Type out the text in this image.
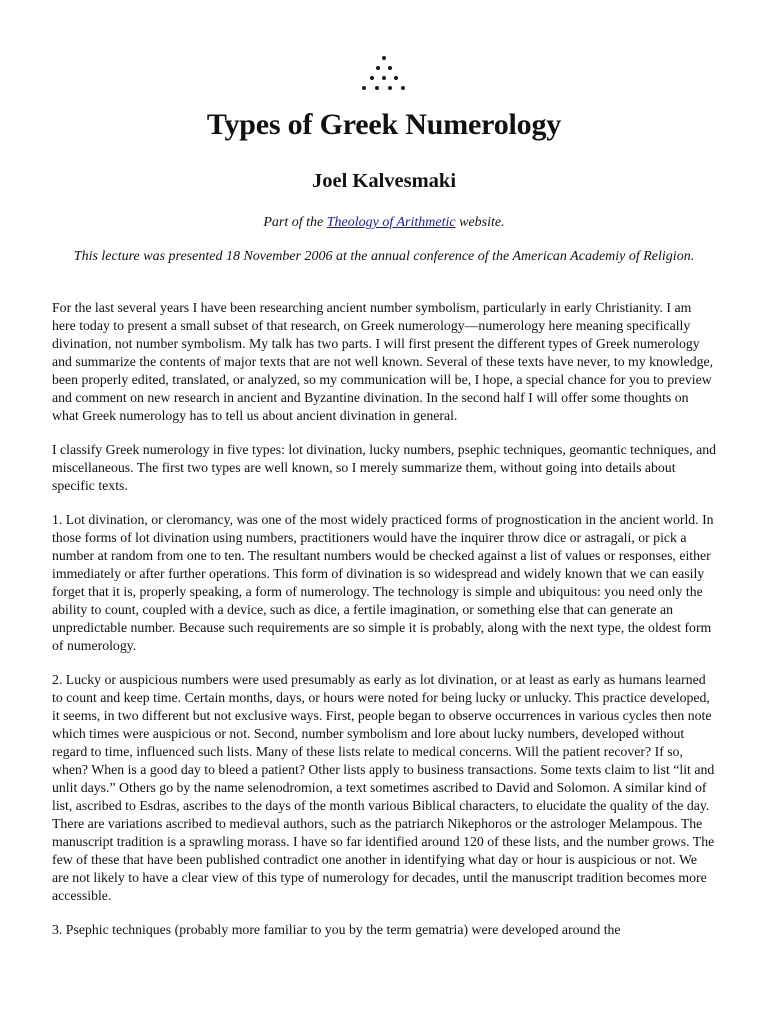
Types of Greek Numerology
Joel Kalvesmaki

Part of the Theology of Arithmetic website.

This lecture was presented 18 November 2006 at the annual conference of the American Academiy of Religion.

For the last several years I have been researching ancient number symbolism, particularly in early Christianity. I am here today to present a small subset of that research, on Greek numerology—numerology here meaning specifically divination, not number symbolism. My talk has two parts. I will first present the different types of Greek numerology and summarize the contents of major texts that are not well known. Several of these texts have never, to my knowledge, been properly edited, translated, or analyzed, so my communication will be, I hope, a special chance for you to preview and comment on new research in ancient and Byzantine divination. In the second half I will offer some thoughts on what Greek numerology has to tell us about ancient divination in general.

I classify Greek numerology in five types: lot divination, lucky numbers, psephic techniques, geomantic techniques, and miscellaneous. The first two types are well known, so I merely summarize them, without going into details about specific texts.

1. Lot divination, or cleromancy, was one of the most widely practiced forms of prognostication in the ancient world. In those forms of lot divination using numbers, practitioners would have the inquirer throw dice or astragali, or pick a number at random from one to ten. The resultant numbers would be checked against a list of values or responses, either immediately or after further operations. This form of divination is so widespread and widely known that we can easily forget that it is, properly speaking, a form of numerology. The technology is simple and ubiquitous: you need only the ability to count, coupled with a device, such as dice, a fertile imagination, or something else that can generate an unpredictable number. Because such requirements are so simple it is probably, along with the next type, the oldest form of numerology.

2. Lucky or auspicious numbers were used presumably as early as lot divination, or at least as early as humans learned to count and keep time. Certain months, days, or hours were noted for being lucky or unlucky. This practice developed, it seems, in two different but not exclusive ways. First, people began to observe occurrences in various cycles then note which times were auspicious or not. Second, number symbolism and lore about lucky numbers, developed without regard to time, influenced such lists. Many of these lists relate to medical concerns. Will the patient recover? If so, when? When is a good day to bleed a patient? Other lists apply to business transactions. Some texts claim to list “lit and unlit days.” Others go by the name selenodromion, a text sometimes ascribed to David and Solomon. A similar kind of list, ascribed to Esdras, ascribes to the days of the month various Biblical characters, to elucidate the quality of the day. There are variations ascribed to medieval authors, such as the patriarch Nikephoros or the astrologer Melampous. The manuscript tradition is a sprawling morass. I have so far identified around 120 of these lists, and the number grows. The few of these that have been published contradict one another in identifying what day or hour is auspicious or not. We are not likely to have a clear view of this type of numerology for decades, until the manuscript tradition becomes more accessible.

3. Psephic techniques (probably more familiar to you by the term gematria) were developed around the
